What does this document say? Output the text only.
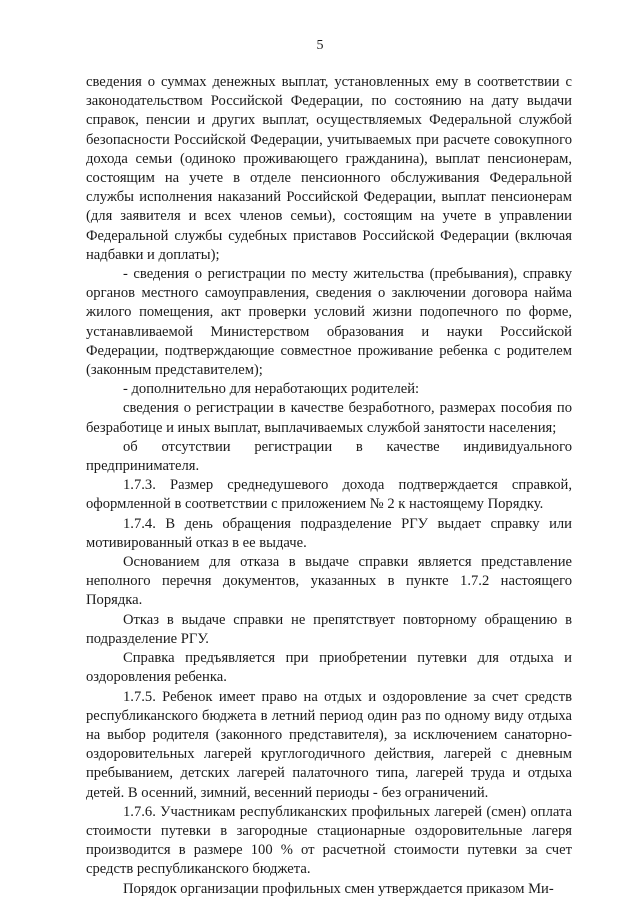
5

сведения о суммах денежных выплат, установленных ему в соответствии с законодательством Российской Федерации, по состоянию на дату выдачи справок, пенсии и других выплат, осуществляемых Федеральной службой безопасности Российской Федерации, учитываемых при расчете совокупного дохода семьи (одиноко проживающего гражданина), выплат пенсионерам, состоящим на учете в отделе пенсионного обслуживания Федеральной службы исполнения наказаний Российской Федерации, выплат пенсионерам (для заявителя и всех членов семьи), состоящим на учете в управлении Федеральной службы судебных приставов Российской Федерации (включая надбавки и доплаты);

- сведения о регистрации по месту жительства (пребывания), справку органов местного самоуправления, сведения о заключении договора найма жилого помещения, акт проверки условий жизни подопечного по форме, устанавливаемой Министерством образования и науки Российской Федерации, подтверждающие совместное проживание ребенка с родителем (законным представителем);

- дополнительно для неработающих родителей:

сведения о регистрации в качестве безработного, размерах пособия по безработице и иных выплат, выплачиваемых службой занятости населения;

об отсутствии регистрации в качестве индивидуального предпринимателя.

1.7.3. Размер среднедушевого дохода подтверждается справкой, оформленной в соответствии с приложением № 2 к настоящему Порядку.

1.7.4. В день обращения подразделение РГУ выдает справку или мотивированный отказ в ее выдаче.

Основанием для отказа в выдаче справки является представление неполного перечня документов, указанных в пункте 1.7.2 настоящего Порядка.

Отказ в выдаче справки не препятствует повторному обращению в подразделение РГУ.

Справка предъявляется при приобретении путевки для отдыха и оздоровления ребенка.

1.7.5. Ребенок имеет право на отдых и оздоровление за счет средств республиканского бюджета в летний период один раз по одному виду отдыха на выбор родителя (законного представителя), за исключением санаторно-оздоровительных лагерей круглогодичного действия, лагерей с дневным пребыванием, детских лагерей палаточного типа, лагерей труда и отдыха детей. В осенний, зимний, весенний периоды - без ограничений.

1.7.6. Участникам республиканских профильных лагерей (смен) оплата стоимости путевки в загородные стационарные оздоровительные лагеря производится в размере 100 % от расчетной стоимости путевки за счет средств республиканского бюджета.

Порядок организации профильных смен утверждается приказом Ми-
